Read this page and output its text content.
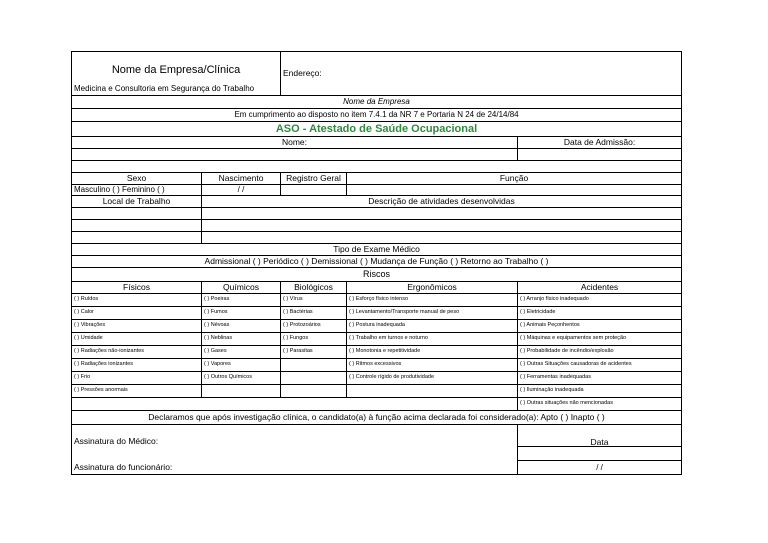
Nome da Empresa/Clínica		Endereço:		
Medicina e Consultoria em Segurança do Trabalho				
Nome da Empresa				
Em cumprimento ao disposto no item 7.4.1 da NR 7 e Portaria N 24 de 24/14/84				
ASO - Atestado de Saúde Ocupacional				
Nome:				Data de Admissão:

Sexo	Nascimento	Registro Geral	Função	
Masculino ( ) Feminino ( )	/ /			
Local de Trabalho	Descrição de atividades desenvolvidas			

Tipo de Exame Médico				
Admissional ( ) Periódico ( ) Demissional ( ) Mudança de Função ( ) Retorno ao Trabalho ( )				
Riscos				
Físicos	Químicos	Biológicos	Ergonômicos	Acidentes
( ) Ruídos	( ) Poeiras	( ) Vírus	( ) Esforço físico intenso	( ) Arranjo físico inadequado
( ) Calor	( ) Fumos	( ) Bactérias	( ) Levantamento/Transporte manual de peso	( ) Eletricidade
( ) Vibrações	( ) Névoas	( ) Protozoários	( ) Postura inadequada	( ) Animais Peçonhentos
( ) Umidade	( ) Neblinas	( ) Fungos	( ) Trabalho em turnos e noturno	( ) Máquinas e equipamentos sem proteção
( ) Radiações não-ionizantes	( ) Gases	( ) Parasitas	( ) Monotonia e repetitividade	( ) Probabilidade de incêndio/explosão
( ) Radiações ionizantes	( ) Vapores		( ) Ritmos excessivos	( ) Outras Situações causadoras de acidentes
( ) Frio	( ) Outros Químicos		( ) Controle rígido de produtividade	( ) Ferramentas inadequadas
( ) Pressões anormais				( ) Iluminação inadequada
				( ) Outras situações não mencionadas
Declaramos que após investigação clínica, o candidato(a) à função acima declarada foi considerado(a): Apto ( ) Inapto ( )				
Assinatura do Médico:				Data

Assinatura do funcionário:				/ /
